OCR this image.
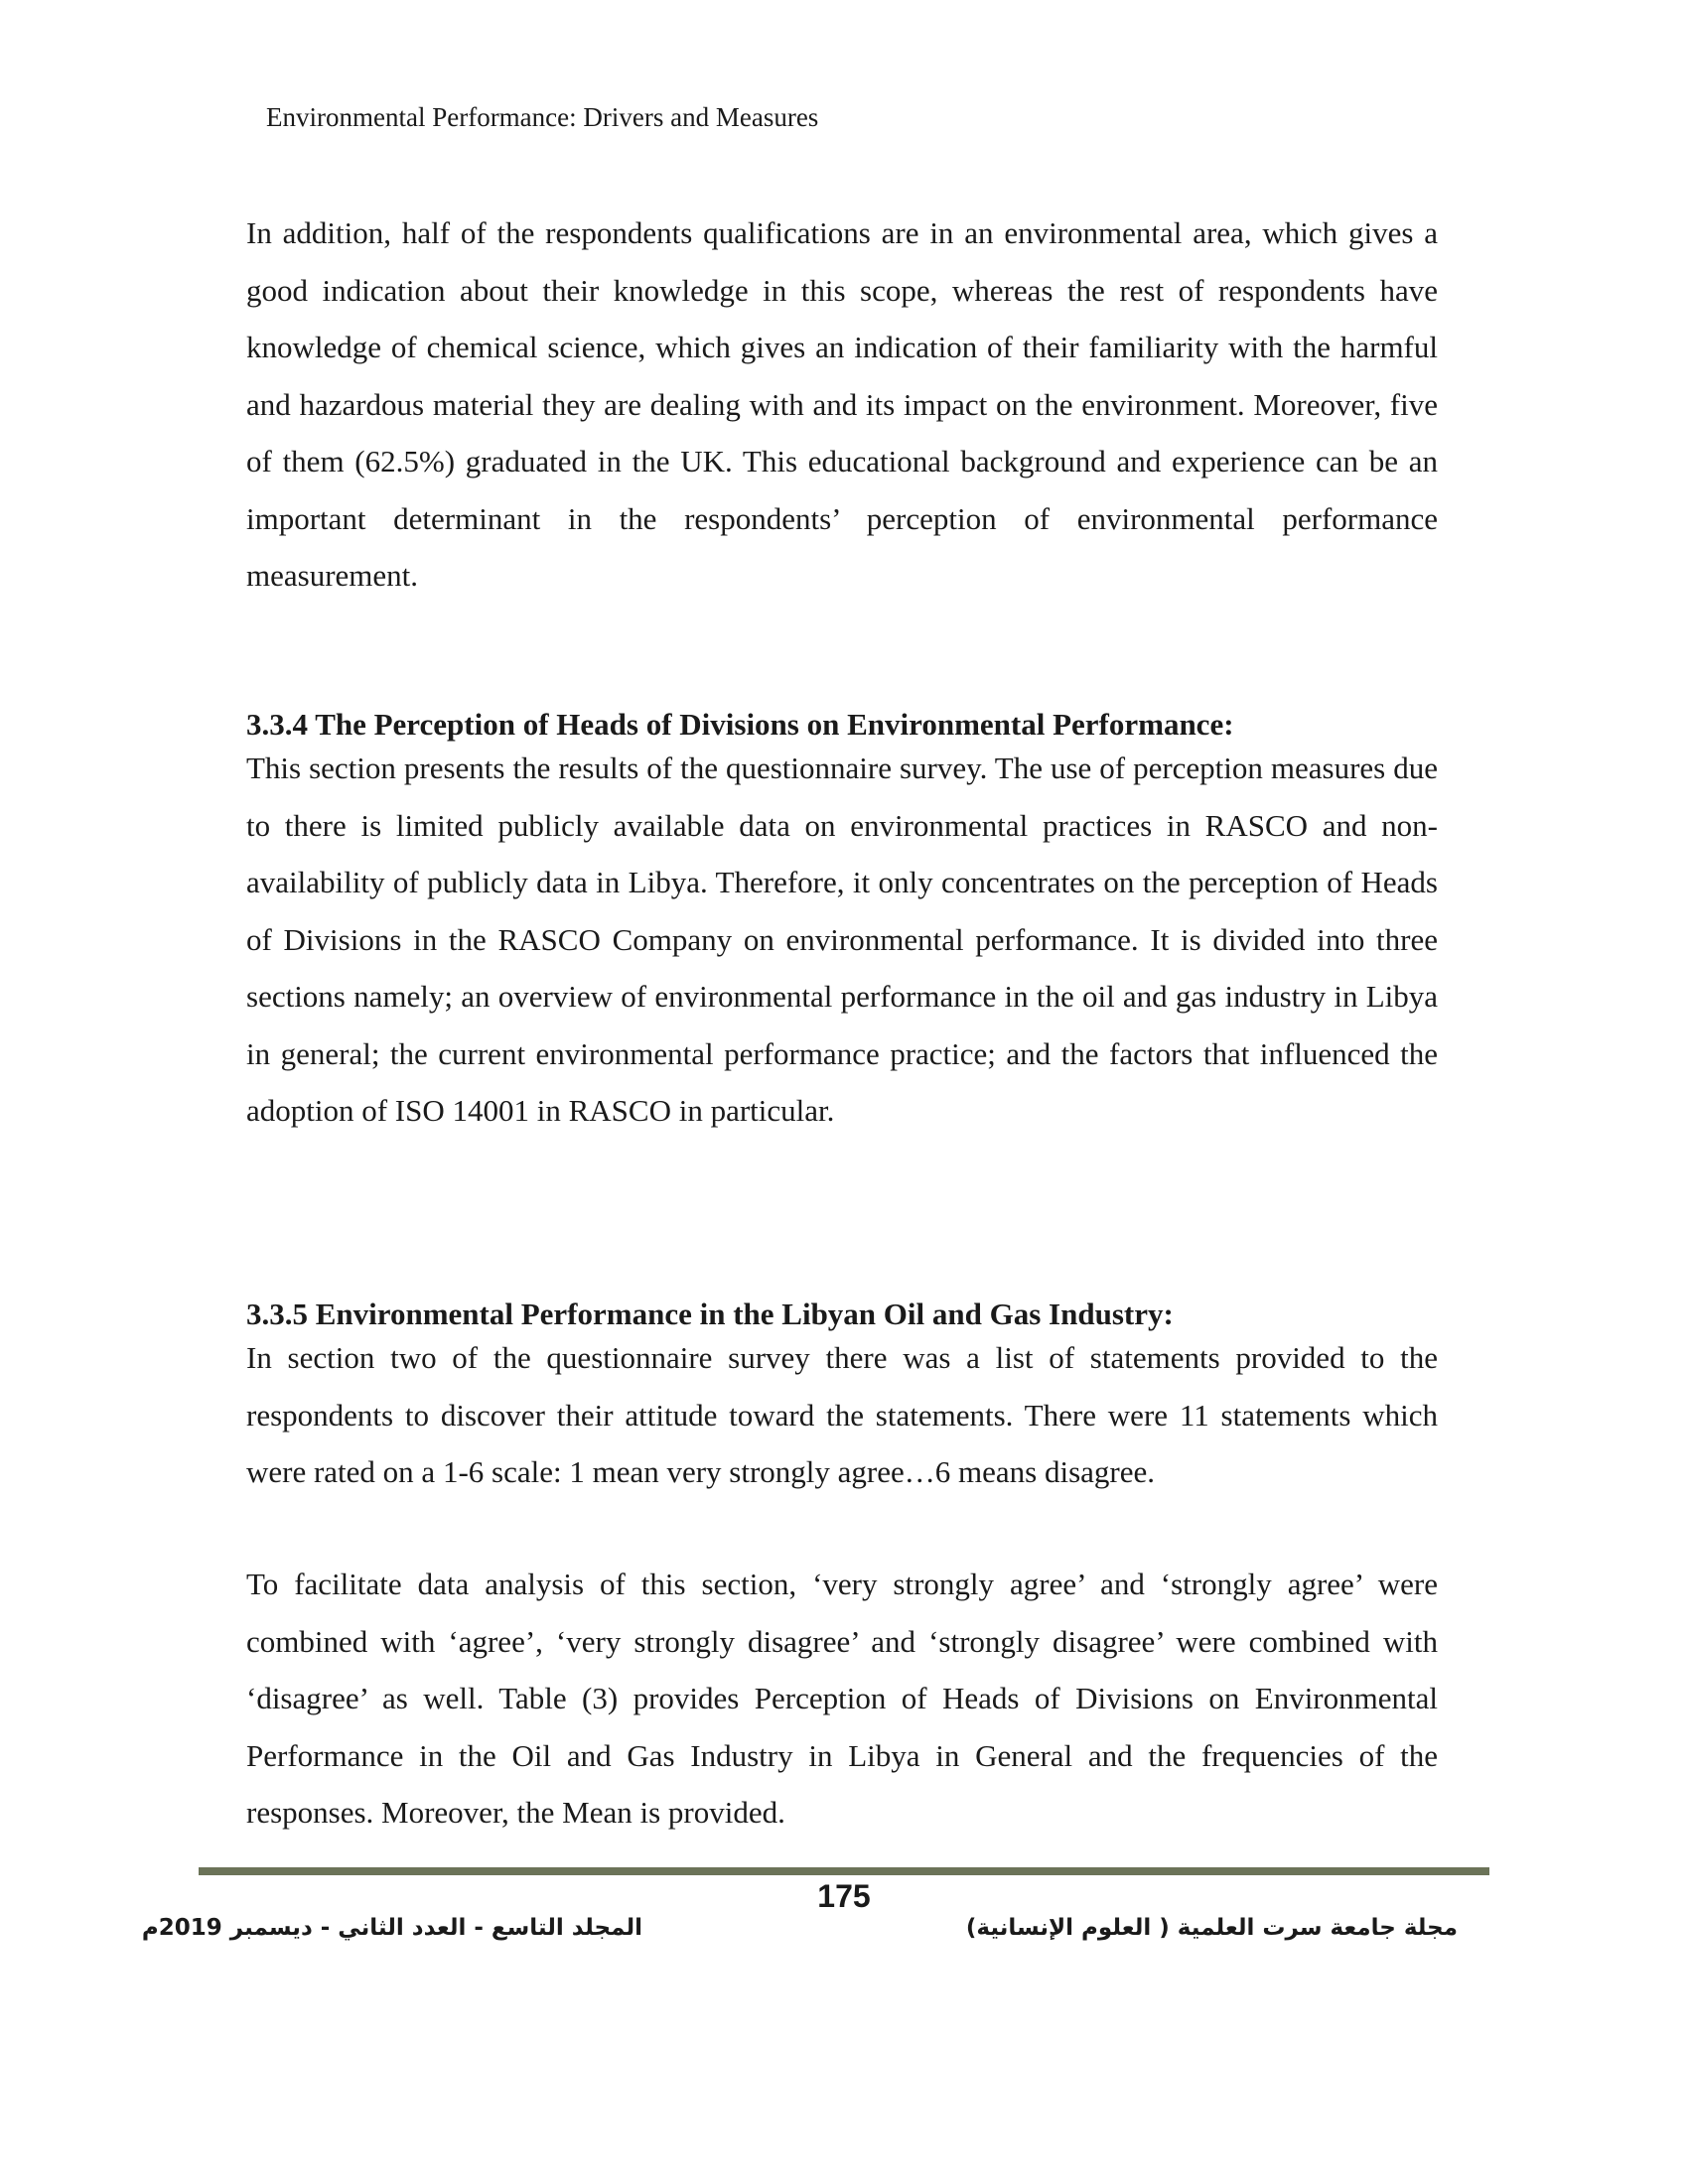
Environmental Performance: Drivers and Measures

In addition, half of the respondents qualifications are in an environmental area, which gives a good indication about their knowledge in this scope, whereas the rest of respondents have knowledge of chemical science, which gives an indication of their familiarity with the harmful and hazardous material they are dealing with and its impact on the environment. Moreover, five of them (62.5%) graduated in the UK. This educational background and experience can be an important determinant in the respondents’ perception of environmental performance measurement.

3.3.4 The Perception of Heads of Divisions on Environmental Performance:

This section presents the results of the questionnaire survey. The use of perception measures due to there is limited publicly available data on environmental practices in RASCO and non-availability of publicly data in Libya. Therefore, it only concentrates on the perception of Heads of Divisions in the RASCO Company on environmental performance. It is divided into three sections namely; an overview of environmental performance in the oil and gas industry in Libya in general; the current environmental performance practice; and the factors that influenced the adoption of ISO 14001 in RASCO in particular.

3.3.5 Environmental Performance in the Libyan Oil and Gas Industry:

In section two of the questionnaire survey there was a list of statements provided to the respondents to discover their attitude toward the statements. There were 11 statements which were rated on a 1-6 scale: 1 mean very strongly agree…6 means disagree.

To facilitate data analysis of this section, ‘very strongly agree’ and ‘strongly agree’ were combined with ‘agree’, ‘very strongly disagree’ and ‘strongly disagree’ were combined with ‘disagree’ as well. Table (3) provides Perception of Heads of Divisions on Environmental Performance in the Oil and Gas Industry in Libya in General and the frequencies of the responses. Moreover, the Mean is provided.

175
المجلد التاسع - العدد الثاني - ديسمبر 2019م	مجلة جامعة سرت العلمية ( العلوم الإنسانية)
